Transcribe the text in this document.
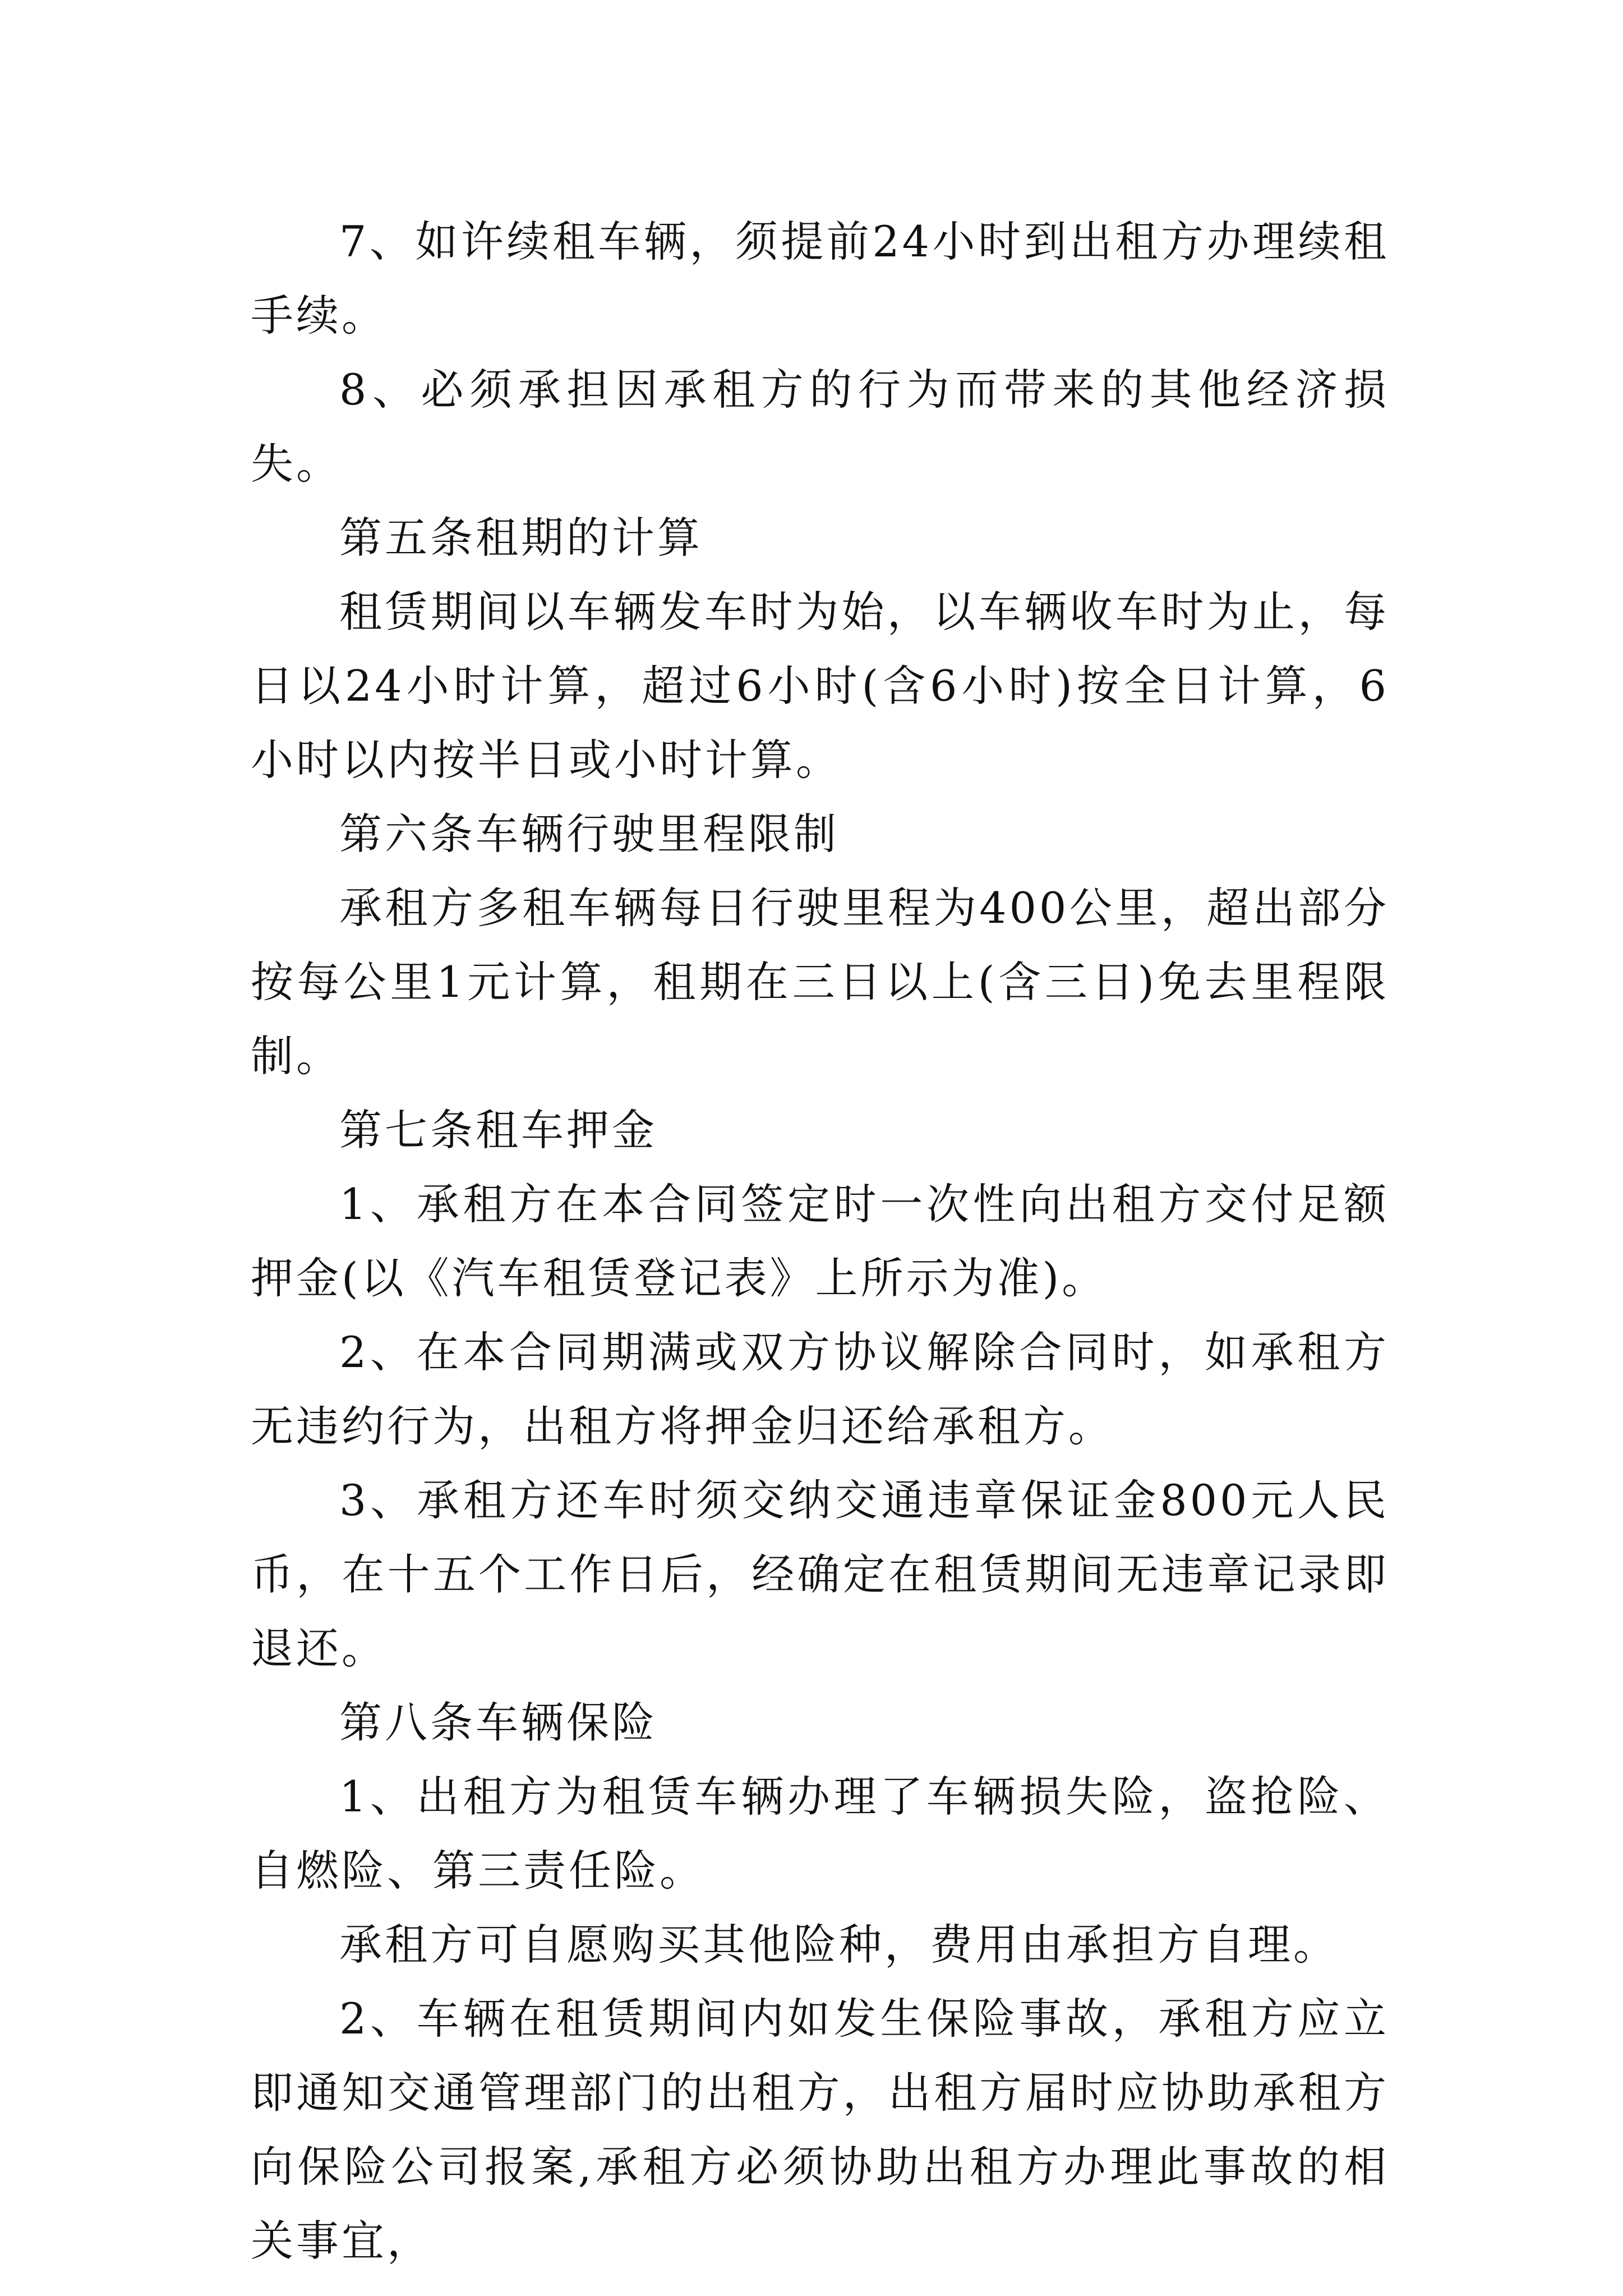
7、如许续租车辆，须提前24小时到出租方办理续租手续。

8、必须承担因承租方的行为而带来的其他经济损失。

第五条租期的计算

租赁期间以车辆发车时为始，以车辆收车时为止，每日以24小时计算，超过6小时(含6小时)按全日计算，6小时以内按半日或小时计算。

第六条车辆行驶里程限制

承租方多租车辆每日行驶里程为400公里，超出部分按每公里1元计算，租期在三日以上(含三日)免去里程限制。

第七条租车押金

1、承租方在本合同签定时一次性向出租方交付足额押金(以《汽车租赁登记表》上所示为准)。

2、在本合同期满或双方协议解除合同时，如承租方无违约行为，出租方将押金归还给承租方。

3、承租方还车时须交纳交通违章保证金800元人民币，在十五个工作日后，经确定在租赁期间无违章记录即退还。

第八条车辆保险

1、出租方为租赁车辆办理了车辆损失险，盗抢险、自燃险、第三责任险。

承租方可自愿购买其他险种，费用由承担方自理。

2、车辆在租赁期间内如发生保险事故，承租方应立即通知交通管理部门的出租方，出租方届时应协助承租方向保险公司报案,承租方必须协助出租方办理此事故的相关事宜，
